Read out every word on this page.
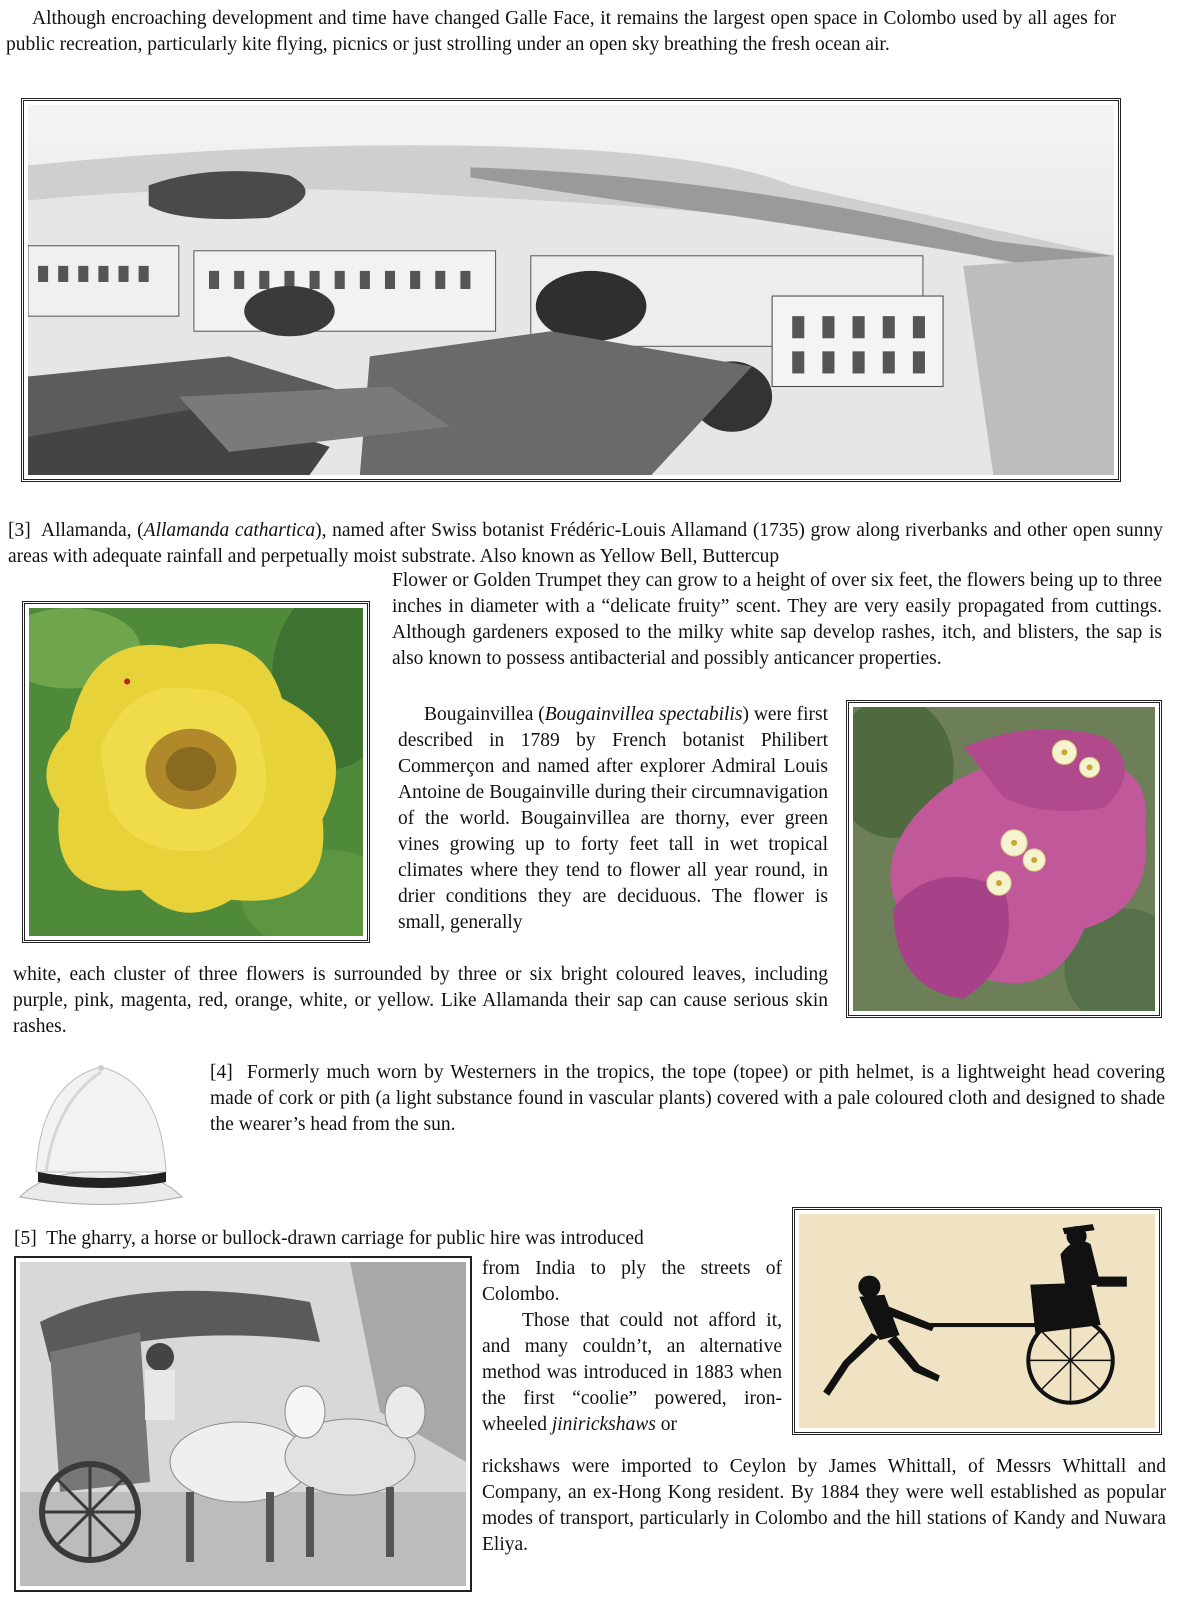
Although encroaching development and time have changed Galle Face, it remains the largest open space in Colombo used by all ages for public recreation, particularly kite flying, picnics or just strolling under an open sky breathing the fresh ocean air.

[3] Allamanda, (Allamanda cathartica), named after Swiss botanist Frédéric-Louis Allamand (1735) grow along riverbanks and other open sunny areas with adequate rainfall and perpetually moist substrate. Also known as Yellow Bell, Buttercup

Flower or Golden Trumpet they can grow to a height of over six feet, the flowers being up to three inches in diameter with a “delicate fruity” scent. They are very easily propagated from cuttings. Although gardeners exposed to the milky white sap develop rashes, itch, and blisters, the sap is also known to possess antibacterial and possibly anticancer properties.

Bougainvillea (Bougainvillea spectabilis) were first described in 1789 by French botanist Philibert Commerçon and named after explorer Admiral Louis Antoine de Bougainville during their circumnavigation of the world. Bougainvillea are thorny, ever green vines growing up to forty feet tall in wet tropical climates where they tend to flower all year round, in drier conditions they are deciduous. The flower is small, generally

white, each cluster of three flowers is surrounded by three or six bright coloured leaves, including purple, pink, magenta, red, orange, white, or yellow. Like Allamanda their sap can cause serious skin rashes.

[4] Formerly much worn by Westerners in the tropics, the tope (topee) or pith helmet, is a lightweight head covering made of cork or pith (a light substance found in vascular plants) covered with a pale coloured cloth and designed to shade the wearer’s head from the sun.

[5] The gharry, a horse or bullock-drawn carriage for public hire was introduced

from India to ply the streets of Colombo.
Those that could not afford it, and many couldn’t, an alternative method was introduced in 1883 when the first “coolie” powered, iron-wheeled jinirickshaws or

rickshaws were imported to Ceylon by James Whittall, of Messrs Whittall and Company, an ex-Hong Kong resident. By 1884 they were well established as popular modes of transport, particularly in Colombo and the hill stations of Kandy and Nuwara Eliya.
